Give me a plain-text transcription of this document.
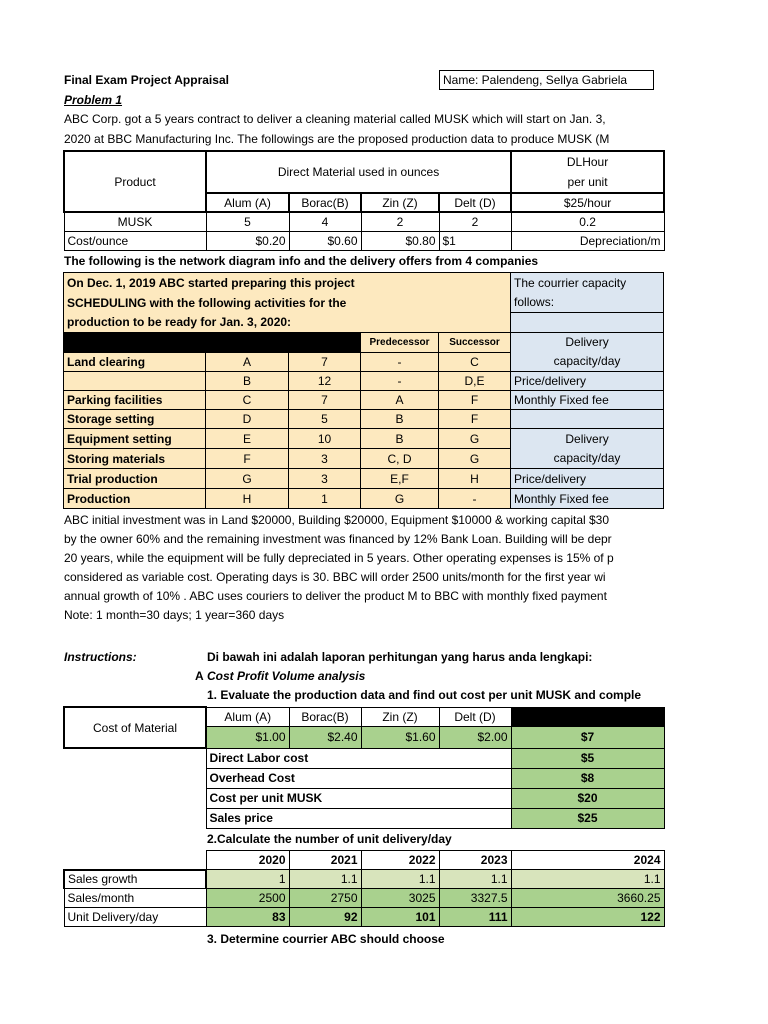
Final Exam Project Appraisal	Name: Palendeng, Sellya Gabriela
Problem 1
ABC Corp. got a 5 years contract to deliver a cleaning material called MUSK which will start on Jan. 3,
2020 at BBC Manufacturing Inc. The followings are the proposed production data to produce MUSK (M
Product	Direct Material used in ounces				DLHour
per unit

	Alum (A)	Borac(B)	Zin (Z)	Delt (D)	$25/hour
MUSK	5	4	2	2	0.2
Cost/ounce	$0.20	$0.60	$0.80	$1	Depreciation/m
The following is the network diagram info and the delivery offers from 4 companies
On Dec. 1, 2019 ABC started preparing this project					The courrier capacity
SCHEDULING with the following activities for the					follows:
production to be ready for Jan. 3, 2020:					
			Predecessor	Successor	Delivery
capacity/day

Land clearing	A	7	-	C	
	B	12	-	D,E	Price/delivery
Parking facilities	C	7	A	F	Monthly Fixed fee
Storage setting	D	5	B	F	
Equipment setting	E	10	B	G	Delivery
capacity/day

Storing materials	F	3	C, D	G	
Trial production	G	3	E,F	H	Price/delivery
Production	H	1	G	-	Monthly Fixed fee
ABC initial investment was in Land $20000, Building $20000, Equipment $10000 & working capital $30
by the owner 60% and the remaining investment was financed by 12% Bank Loan. Building will be depr
20 years, while the equipment will be fully depreciated in 5 years. Other operating expenses is 15% of p
considered as variable cost. Operating days is 30. BBC will order 2500 units/month for the first year wi
annual growth of 10% . ABC uses couriers to deliver the product M to BBC with monthly fixed payment
Note: 1 month=30 days; 1 year=360 days
Instructions:	Di bawah ini adalah laporan perhitungan yang harus anda lengkapi:
A Cost Profit Volume analysis
1. Evaluate the production data and find out cost per unit MUSK and comple
Cost of Material	Alum (A)	Borac(B)	Zin (Z)	Delt (D)	
	$1.00	$2.40	$1.60	$2.00	$7
	Direct Labor cost				$5
	Overhead Cost				$8
	Cost per unit MUSK				$20
	Sales price				$25
2.Calculate the number of unit delivery/day
	2020	2021	2022	2023	2024
Sales growth	1	1.1	1.1	1.1	1.1
Sales/month	2500	2750	3025	3327.5	3660.25
Unit Delivery/day	83	92	101	111	122
3. Determine courrier ABC should choose
